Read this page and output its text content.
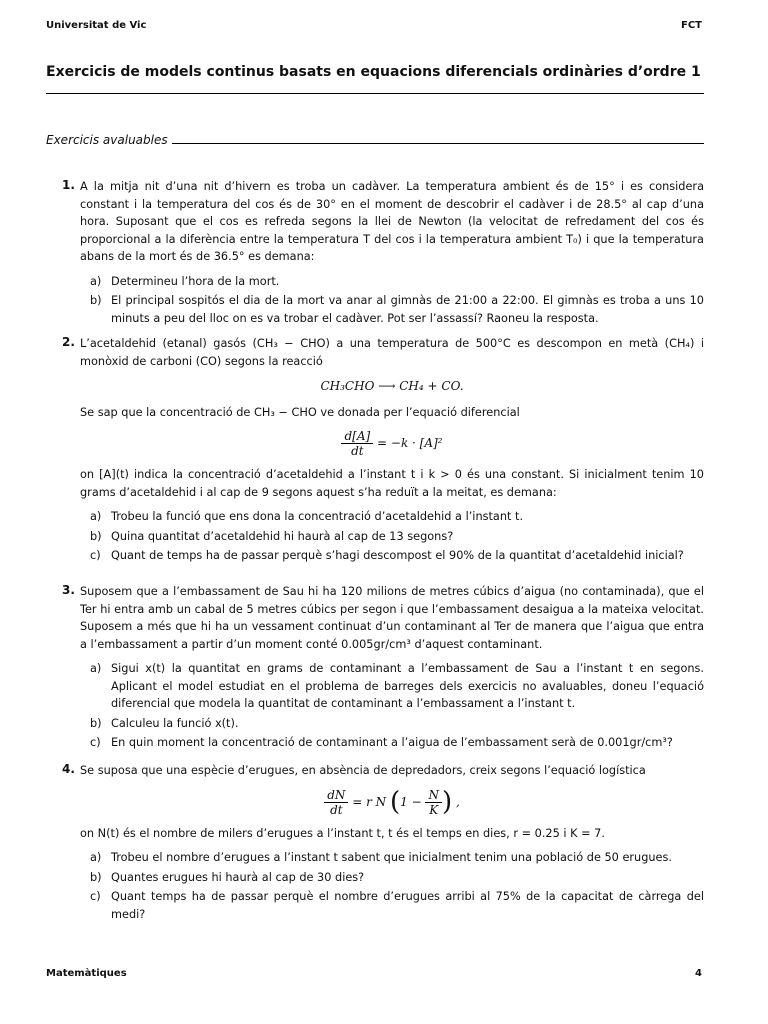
Universitat de Vic	FCT
Exercicis de models continus basats en equacions diferencials ordinàries d’ordre 1
Exercicis avaluables
1. A la mitja nit d’una nit d’hivern es troba un cadàver. La temperatura ambient és de 15° i es considera constant i la temperatura del cos és de 30° en el moment de descobrir el cadàver i de 28.5° al cap d’una hora. Suposant que el cos es refreda segons la llei de Newton (la velocitat de refredament del cos és proporcional a la diferència entre la temperatura T del cos i la temperatura ambient T₀) i que la temperatura abans de la mort és de 36.5° es demana:

a) Determineu l’hora de la mort.
b) El principal sospitós el dia de la mort va anar al gimnàs de 21:00 a 22:00. El gimnàs es troba a uns 10 minuts a peu del lloc on es va trobar el cadàver. Pot ser l’assassí? Raoneu la resposta.
2. L’acetaldehid (etanal) gasós (CH₃ − CHO) a una temperatura de 500°C es descompon en metà (CH₄) i monòxid de carboni (CO) segons la reacció

CH₃CHO ⟶ CH₄ + CO.

Se sap que la concentració de CH₃ − CHO ve donada per l’equació diferencial

$\frac{d[A]}{dt} = -k \cdot [A]^2$

on [A](t) indica la concentració d’acetaldehid a l’instant t i k > 0 és una constant. Si inicialment tenim 10 grams d’acetaldehid i al cap de 9 segons aquest s’ha reduït a la meitat, es demana:

a) Trobeu la funció que ens dona la concentració d’acetaldehid a l’instant t.
b) Quina quantitat d’acetaldehid hi haurà al cap de 13 segons?
c) Quant de temps ha de passar perquè s’hagi descompost el 90% de la quantitat d’acetaldehid inicial?
3. Suposem que a l’embassament de Sau hi ha 120 milions de metres cúbics d’aigua (no contaminada), que el Ter hi entra amb un cabal de 5 metres cúbics per segon i que l’embassament desaigua a la mateixa velocitat. Suposem a més que hi ha un vessament continuat d’un contaminant al Ter de manera que l’aigua que entra a l’embassament a partir d’un moment conté 0.005gr/cm³ d’aquest contaminant.

a) Sigui x(t) la quantitat en grams de contaminant a l’embassament de Sau a l’instant t en segons. Aplicant el model estudiat en el problema de barreges dels exercicis no avaluables, doneu l’equació diferencial que modela la quantitat de contaminant a l’embassament a l’instant t.
b) Calculeu la funció x(t).
c) En quin moment la concentració de contaminant a l’aigua de l’embassament serà de 0.001gr/cm³?
4. Se suposa que una espècie d’erugues, en absència de depredadors, creix segons l’equació logística

$\frac{dN}{dt} = r$ N ($1 - \frac{N}{K}$ ) ,

on N(t) és el nombre de milers d’erugues a l’instant t, t és el temps en dies, r = 0.25 i K = 7.

a) Trobeu el nombre d’erugues a l’instant t sabent que inicialment tenim una població de 50 erugues.
b) Quantes erugues hi haurà al cap de 30 dies?
c) Quant temps ha de passar perquè el nombre d’erugues arribi al 75% de la capacitat de càrrega del medi?
Matemàtiques	4
